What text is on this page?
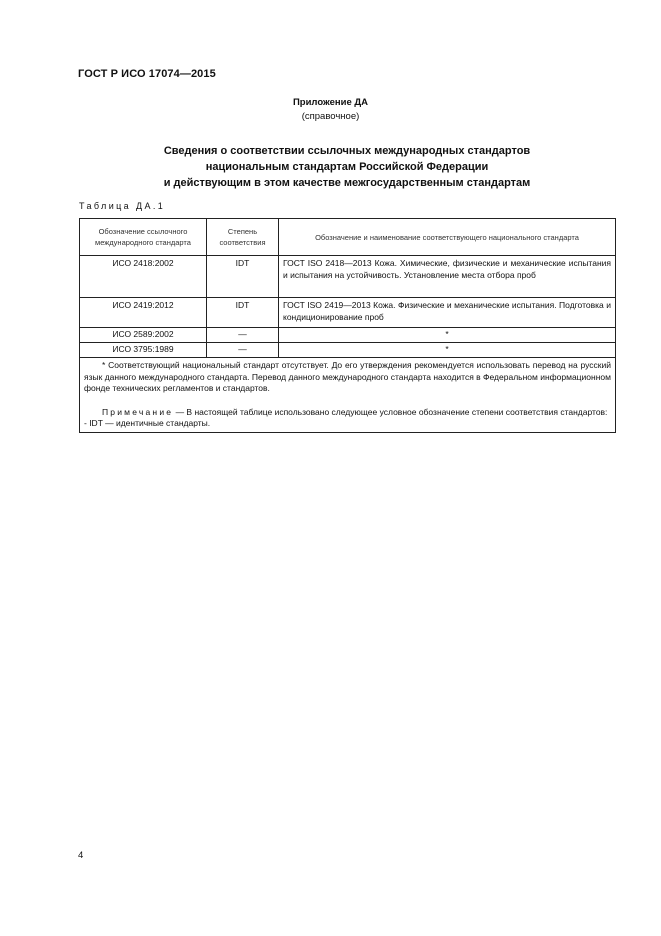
ГОСТ Р ИСО 17074—2015
Приложение ДА
(справочное)
Сведения о соответствии ссылочных международных стандартов
национальным стандартам Российской Федерации
и действующим в этом качестве межгосударственным стандартам
Таблица ДА.1
Обозначение ссылочного международного стандарта	Степень соответствия	Обозначение и наименование соответствующего национального стандарта
ИСО 2418:2002	IDT	ГОСТ ISO 2418—2013 Кожа. Химические, физические и механические испытания и испытания на устойчивость. Установление места отбора проб
ИСО 2419:2012	IDT	ГОСТ ISO 2419—2013 Кожа. Физические и механические испытания. Подготовка и кондиционирование проб
ИСО 2589:2002	—	*
ИСО 3795:1989	—	*

* Соответствующий национальный стандарт отсутствует. До его утверждения рекомендуется использовать перевод на русский язык данного международного стандарта. Перевод данного международного стандарта находится в Федеральном информационном фонде технических регламентов и стандартов.
Примечание — В настоящей таблице использовано следующее условное обозначение степени соответствия стандартов:
- IDT — идентичные стандарты.		
4
